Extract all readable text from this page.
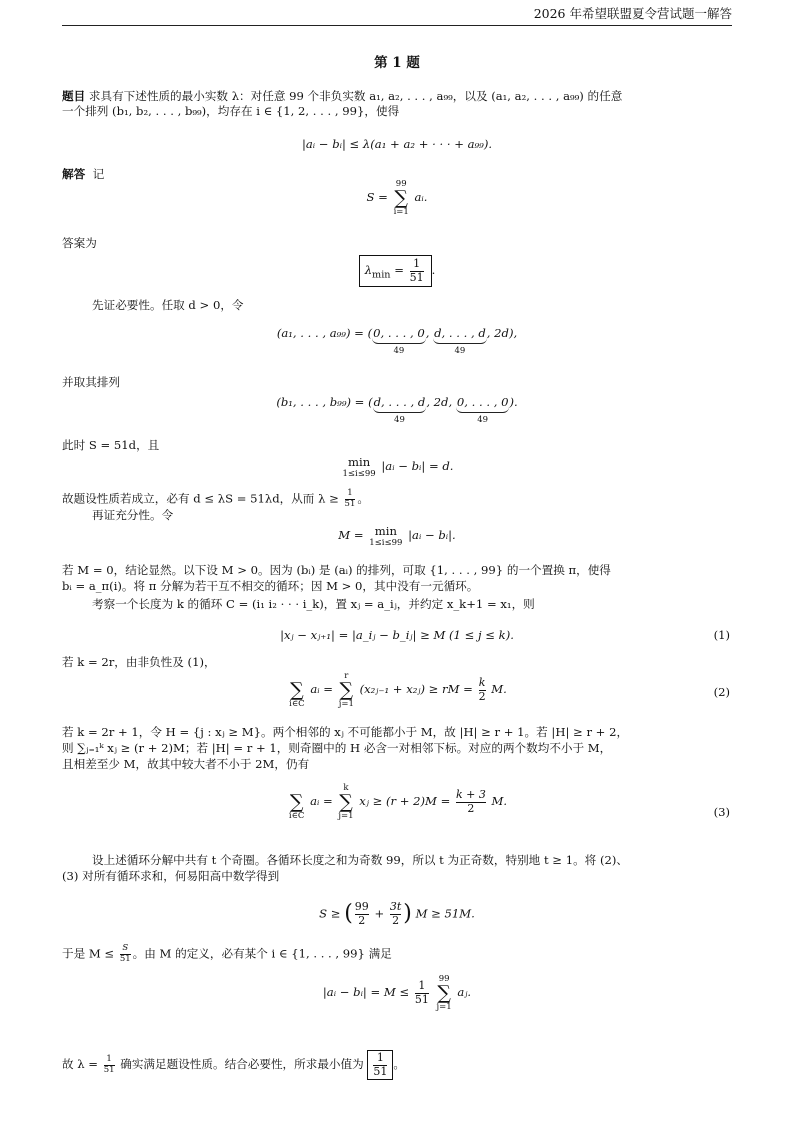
2026 年希望联盟夏令营试题一解答
第 1 题
题目 求具有下述性质的最小实数 λ：对任意 99 个非负实数 a₁, a₂, . . . , a₉₉，以及 (a₁, a₂, . . . , a₉₉) 的任意
一个排列 (b₁, b₂, . . . , b₉₉)，均存在 i ∈ {1, 2, . . . , 99}，使得
|aᵢ − bᵢ| ≤ λ(a₁ + a₂ + · · · + a₉₉).
解答 记
S =
99
∑
i=1
aᵢ.
答案为
$\lambda_{min} = \frac{1}{51}$ .
先证必要性。任取 d > 0，令
(a₁, . . . , a₉₉) = (0, . . . , 0
49
, d, . . . , d
49
, 2d),
并取其排列
(b₁, . . . , b₉₉) = (d, . . . , d
49
, 2d, 0, . . . , 0
49
).
此时 S = 51d，且
min
1≤i≤99
|aᵢ − bᵢ| = d.
故题设性质若成立，必有 d ≤ λS = 51λd，从而 $\lambda \ge \frac{1}{51}$ 。
再证充分性。令
M = min
1≤i≤99
|aᵢ − bᵢ|.
若 M = 0，结论显然。以下设 M > 0。因为 (bᵢ) 是 (aᵢ) 的排列，可取 {1, . . . , 99} 的一个置换 π，使得
bᵢ = a_π(i)。将 π 分解为若干互不相交的循环；因 M > 0，其中没有一元循环。
考察一个长度为 k 的循环 C = (i₁ i₂ · · · i_k)，置 xⱼ = a_iⱼ，并约定 x_k+1 = x₁，则
|xⱼ − xⱼ₊₁| = |a_iⱼ − b_iⱼ| ≥ M (1 ≤ j ≤ k).	(1)
若 k = 2r，由非负性及 (1)，

∑
i∈C
aᵢ =
r
∑
j=1
(x₂ⱼ₋₁ + x₂ⱼ) ≥ rM = $\frac{k}{2} M$.	(2)
若 k = 2r + 1，令 H = {j : xⱼ ≥ M}。两个相邻的 xⱼ 不可能都小于 M，故 |H| ≥ r + 1。若 |H| ≥ r + 2，
则 ∑ⱼ₌₁ᵏ xⱼ ≥ (r + 2)M；若 |H| = r + 1，则奇圈中的 H 必含一对相邻下标。对应的两个数均不小于 M，
且相差至少 M，故其中较大者不小于 2M，仍有

∑
i∈C
aᵢ =
k
∑
j=1
xⱼ ≥ $(r + 2)M = \frac{k + 3}{2} M$.
(3)
设上述循环分解中共有 t 个奇圈。各循环长度之和为奇数 99，所以 t 为正奇数，特别地 t ≥ 1。将 (2)、
(3) 对所有循环求和，何易阳高中数学得到
S ≥ ( $\frac{99}{2} + \frac{3t}{2}$ ) M ≥ 51M.
于是 $M \le \frac{S}{51}$ 。由 M 的定义，必有某个 i ∈ {1, . . . , 99} 满足
|aᵢ − bᵢ| = $M \le \frac{1}{51}$

99
∑
j=1
aⱼ.
故 $\lambda = \frac{1}{51}$ 确实满足题设性质。结合必要性，所求最小值为 $\frac{1}{51}$ 。
